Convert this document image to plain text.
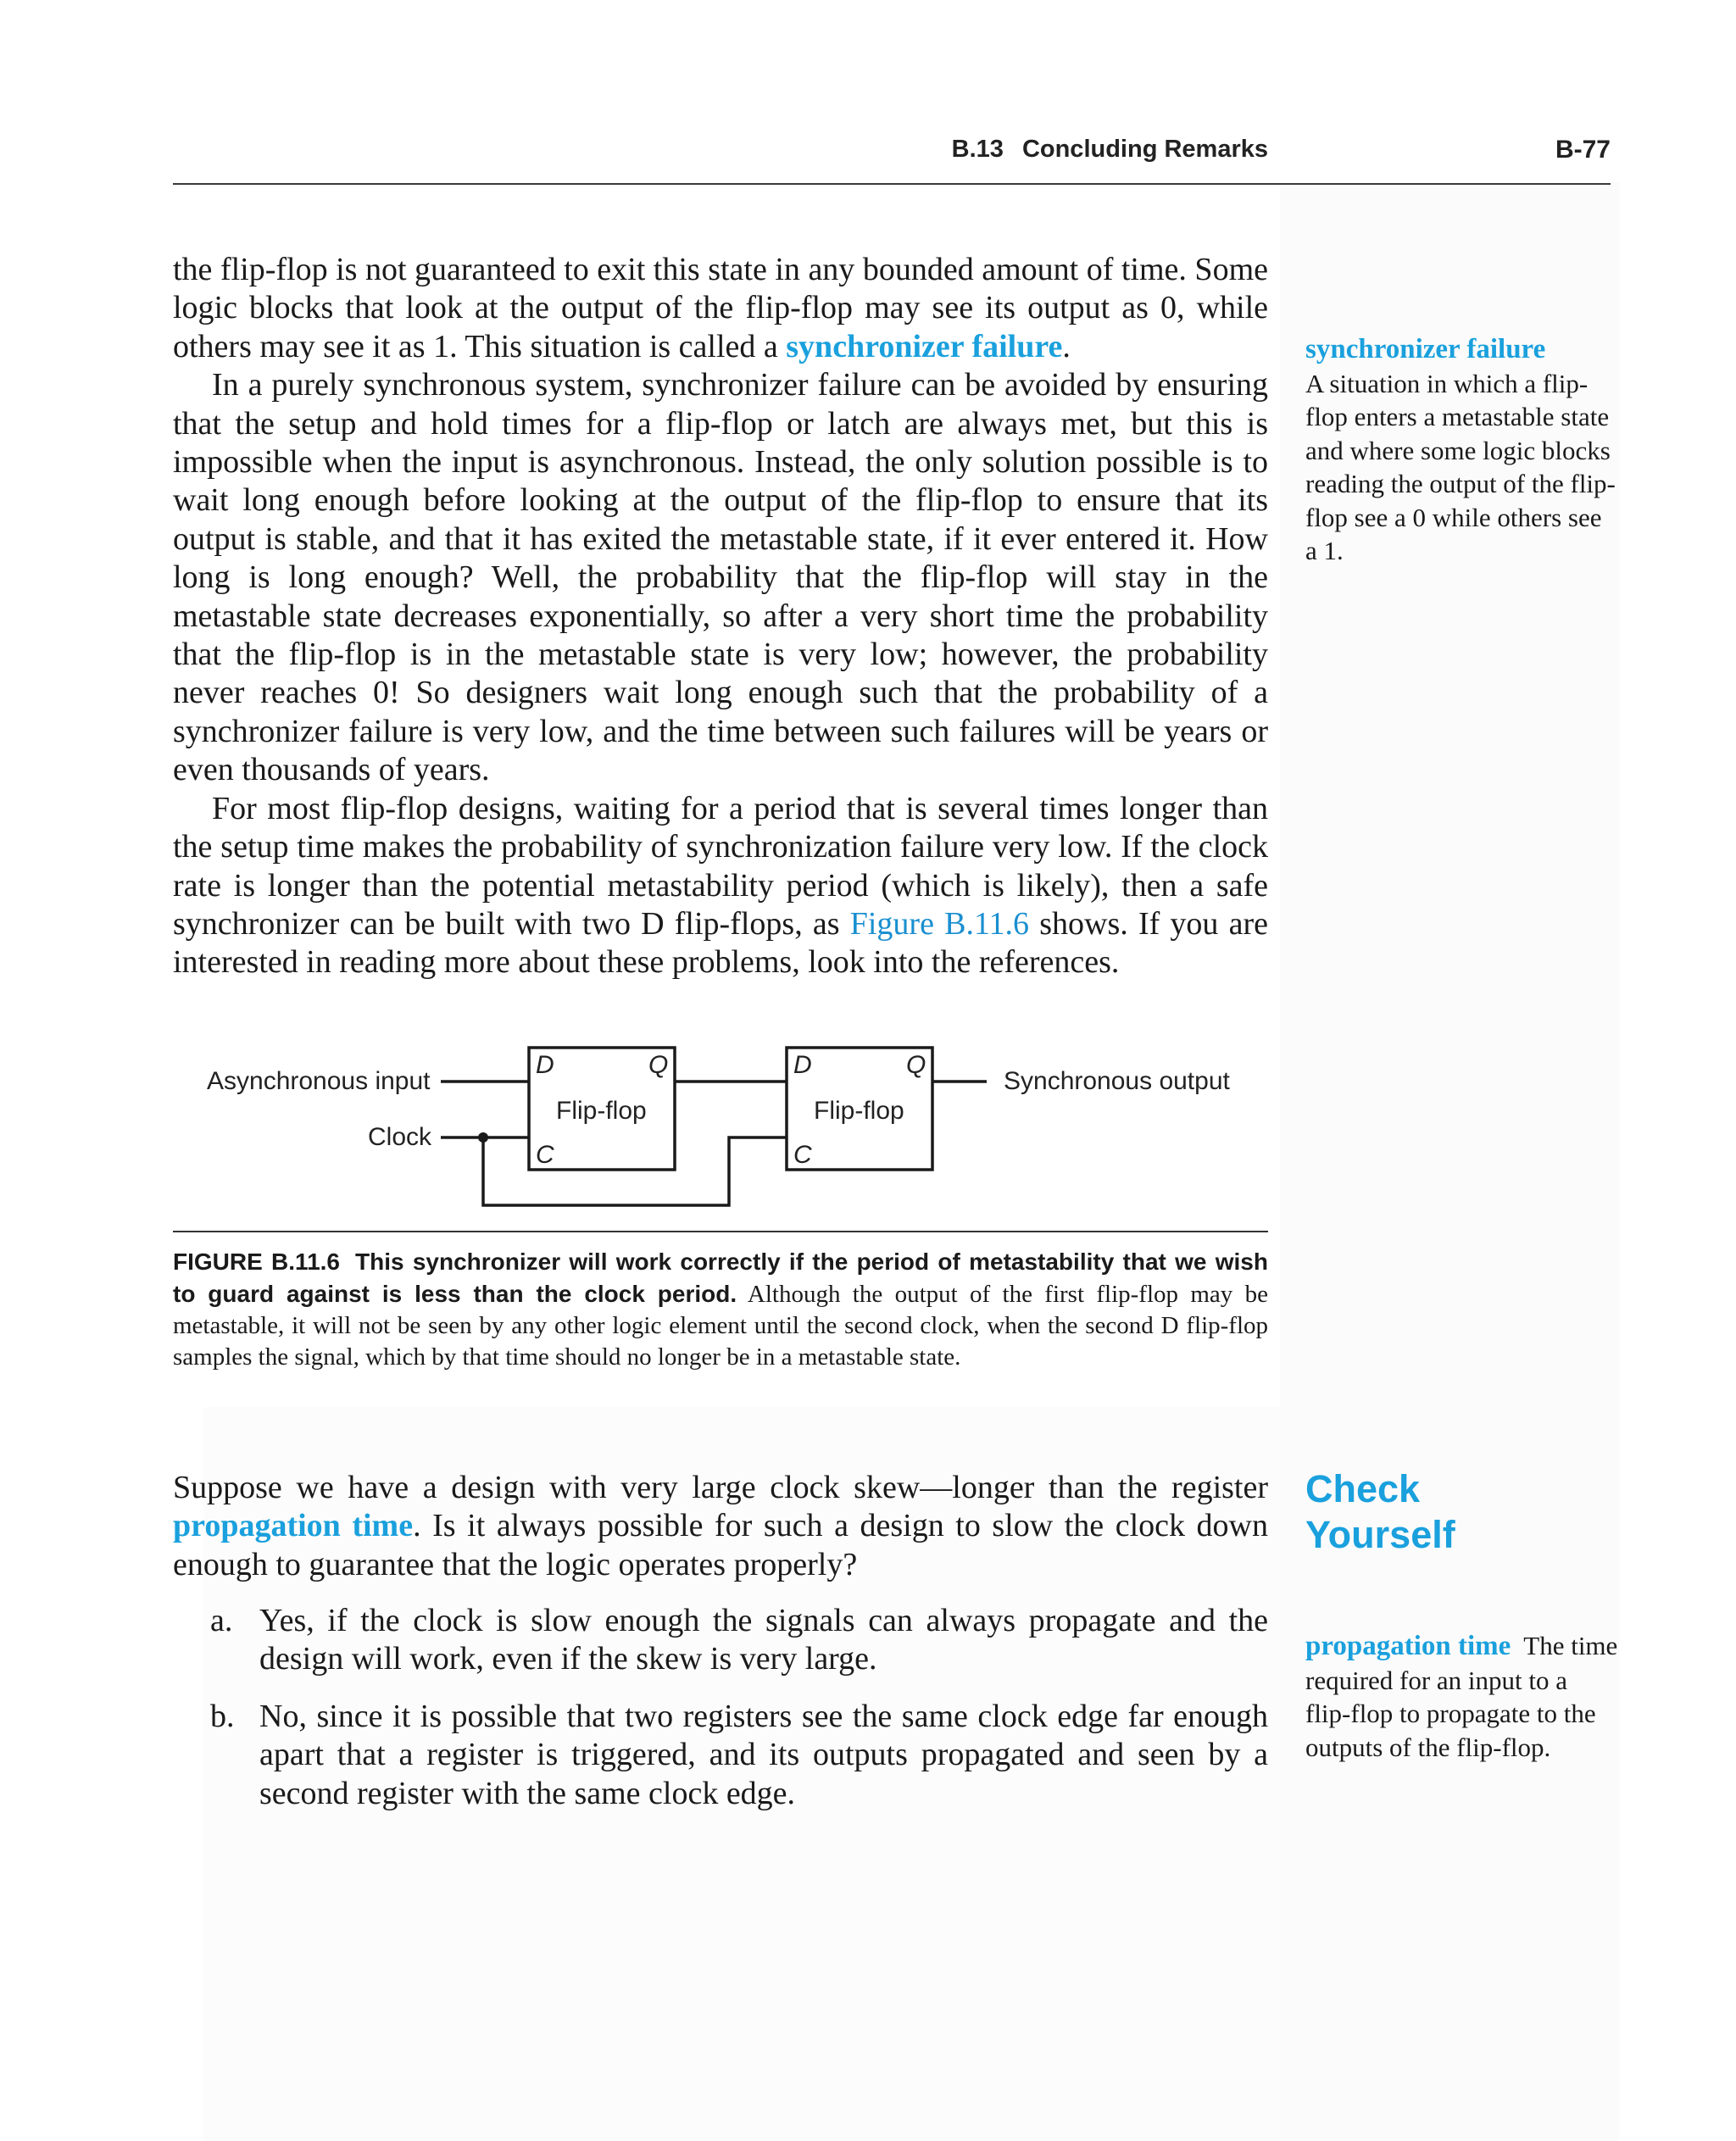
B.13 Concluding Remarks	B-77

the flip-flop is not guaranteed to exit this state in any bounded amount of time. Some logic blocks that look at the output of the flip-flop may see its output as 0, while others may see it as 1. This situation is called a synchronizer failure.

In a purely synchronous system, synchronizer failure can be avoided by ensuring that the setup and hold times for a flip-flop or latch are always met, but this is impossible when the input is asynchronous. Instead, the only solution possible is to wait long enough before looking at the output of the flip-flop to ensure that its output is stable, and that it has exited the metastable state, if it ever entered it. How long is long enough? Well, the probability that the flip-flop will stay in the metastable state decreases exponentially, so after a very short time the probability that the flip-flop is in the metastable state is very low; however, the probability never reaches 0! So designers wait long enough such that the probability of a synchronizer failure is very low, and the time between such failures will be years or even thousands of years.

For most flip-flop designs, waiting for a period that is several times longer than the setup time makes the probability of synchronization failure very low. If the clock rate is longer than the potential metastability period (which is likely), then a safe synchronizer can be built with two D flip-flops, as Figure B.11.6 shows. If you are interested in reading more about these problems, look into the references.

synchronizer failure
A situation in which a flip-flop enters a metastable state and where some logic blocks reading the output of the flip-flop see a 0 while others see a 1.
Asynchronous input
Clock
Synchronous output
D	Q
C
Flip-flop
D	Q
C
Flip-flop
FIGURE B.11.6 This synchronizer will work correctly if the period of metastability that we wish to guard against is less than the clock period. Although the output of the first flip-flop may be metastable, it will not be seen by any other logic element until the second clock, when the second D flip-flop samples the signal, which by that time should no longer be in a metastable state.
Check
Yourself

Suppose we have a design with very large clock skew—longer than the register propagation time. Is it always possible for such a design to slow the clock down enough to guarantee that the logic operates properly?

a. Yes, if the clock is slow enough the signals can always propagate and the design will work, even if the skew is very large.
b. No, since it is possible that two registers see the same clock edge far enough apart that a register is triggered, and its outputs propagated and seen by a second register with the same clock edge.
propagation time The time required for an input to a flip-flop to propagate to the outputs of the flip-flop.
